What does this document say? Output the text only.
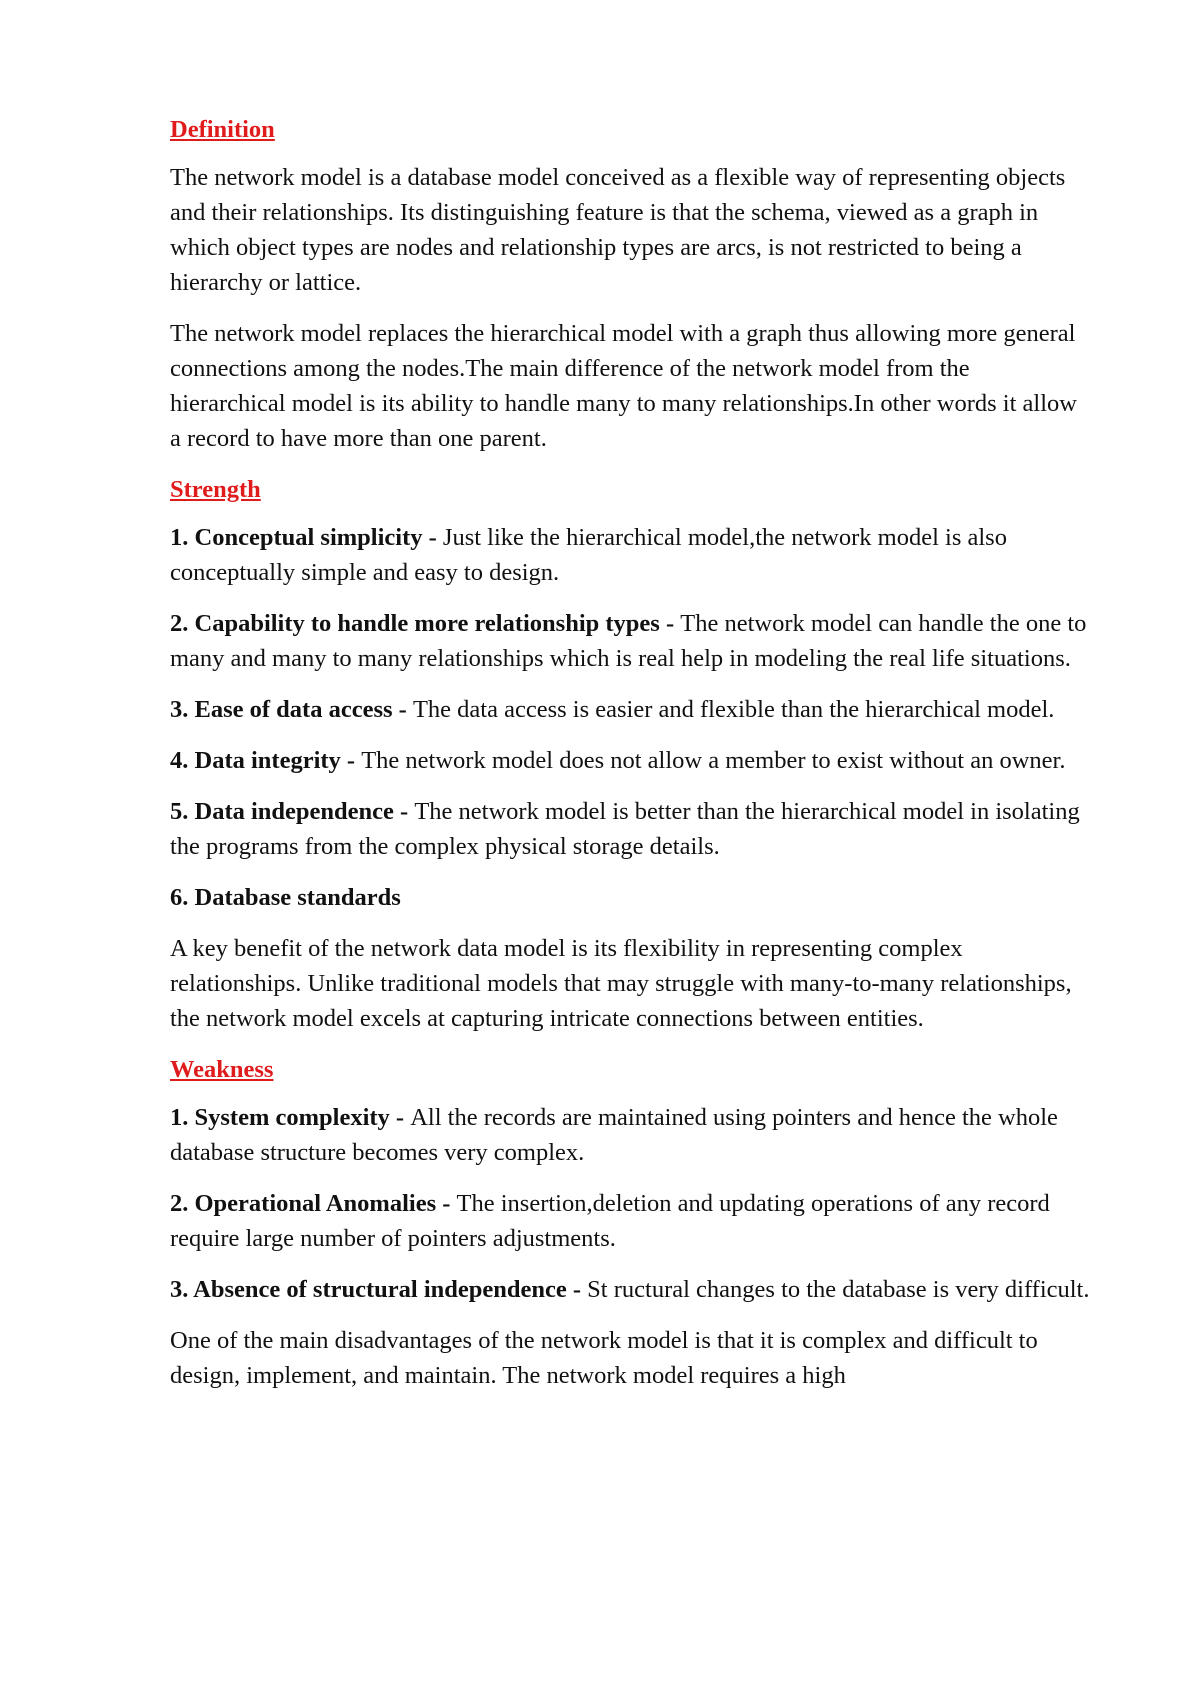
Definition

The network model is a database model conceived as a flexible way of representing objects and their relationships. Its distinguishing feature is that the schema, viewed as a graph in which object types are nodes and relationship types are arcs, is not restricted to being a hierarchy or lattice.

The network model replaces the hierarchical model with a graph thus allowing more general connections among the nodes.The main difference of the network model from the hierarchical model is its ability to handle many to many relationships.In other words it allow a record to have more than one parent.

Strength

1. Conceptual simplicity - Just like the hierarchical model,the network model is also conceptually simple and easy to design.

2. Capability to handle more relationship types - The network model can handle the one to many and many to many relationships which is real help in modeling the real life situations.

3. Ease of data access - The data access is easier and flexible than the hierarchical model.

4. Data integrity - The network model does not allow a member to exist without an owner.

5. Data independence - The network model is better than the hierarchical model in isolating the programs from the complex physical storage details.

6. Database standards

A key benefit of the network data model is its flexibility in representing complex relationships. Unlike traditional models that may struggle with many-to-many relationships, the network model excels at capturing intricate connections between entities.

Weakness

1. System complexity - All the records are maintained using pointers and hence the whole database structure becomes very complex.

2. Operational Anomalies - The insertion,deletion and updating operations of any record require large number of pointers adjustments.

3. Absence of structural independence - St ructural changes to the database is very difficult.

One of the main disadvantages of the network model is that it is complex and difficult to design, implement, and maintain. The network model requires a high
